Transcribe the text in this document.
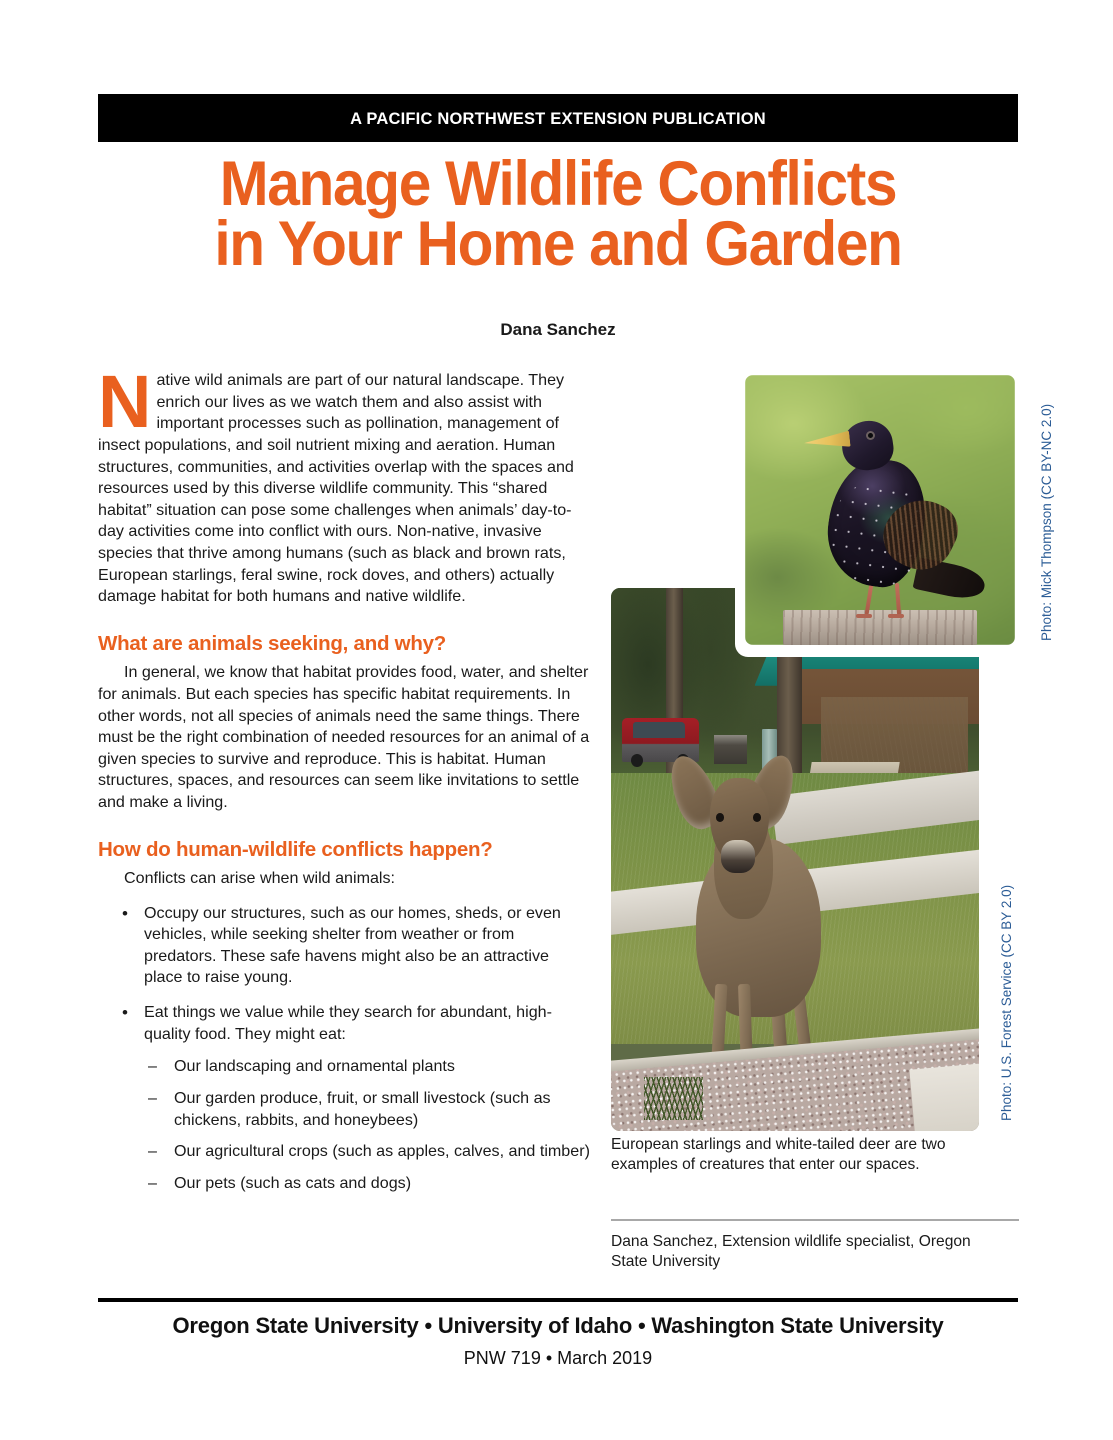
A PACIFIC NORTHWEST EXTENSION PUBLICATION
Manage Wildlife Conflicts
in Your Home and Garden
Dana Sanchez

Native wild animals are part of our natural landscape. They enrich our lives as we watch them and also assist with important processes such as pollination, management of insect populations, and soil nutrient mixing and aeration. Human structures, communities, and activities overlap with the spaces and resources used by this diverse wildlife community. This “shared habitat” situation can pose some challenges when animals’ day-to-day activities come into conflict with ours. Non-native, invasive species that thrive among humans (such as black and brown rats, European starlings, feral swine, rock doves, and others) actually damage habitat for both humans and native wildlife.

What are animals seeking, and why?

In general, we know that habitat provides food, water, and shelter for animals. But each species has specific habitat requirements. In other words, not all species of animals need the same things. There must be the right combination of needed resources for an animal of a given species to survive and reproduce. This is habitat. Human structures, spaces, and resources can seem like invitations to settle and make a living.

How do human-wildlife conflicts happen?

Conflicts can arise when wild animals:

• Occupy our structures, such as our homes, sheds, or even vehicles, while seeking shelter from weather or from predators. These safe havens might also be an attractive place to raise young.
• Eat things we value while they search for abundant, high-quality food. They might eat:
– Our landscaping and ornamental plants
– Our garden produce, fruit, or small livestock (such as chickens, rabbits, and honeybees)
– Our agricultural crops (such as apples, calves, and timber)
– Our pets (such as cats and dogs)
Photo: Mick Thompson (CC BY-NC 2.0)
Photo: U.S. Forest Service (CC BY 2.0)
European starlings and white-tailed deer are two examples of creatures that enter our spaces.
Dana Sanchez, Extension wildlife specialist, Oregon State University
Oregon State University • University of Idaho • Washington State University
PNW 719 • March 2019
